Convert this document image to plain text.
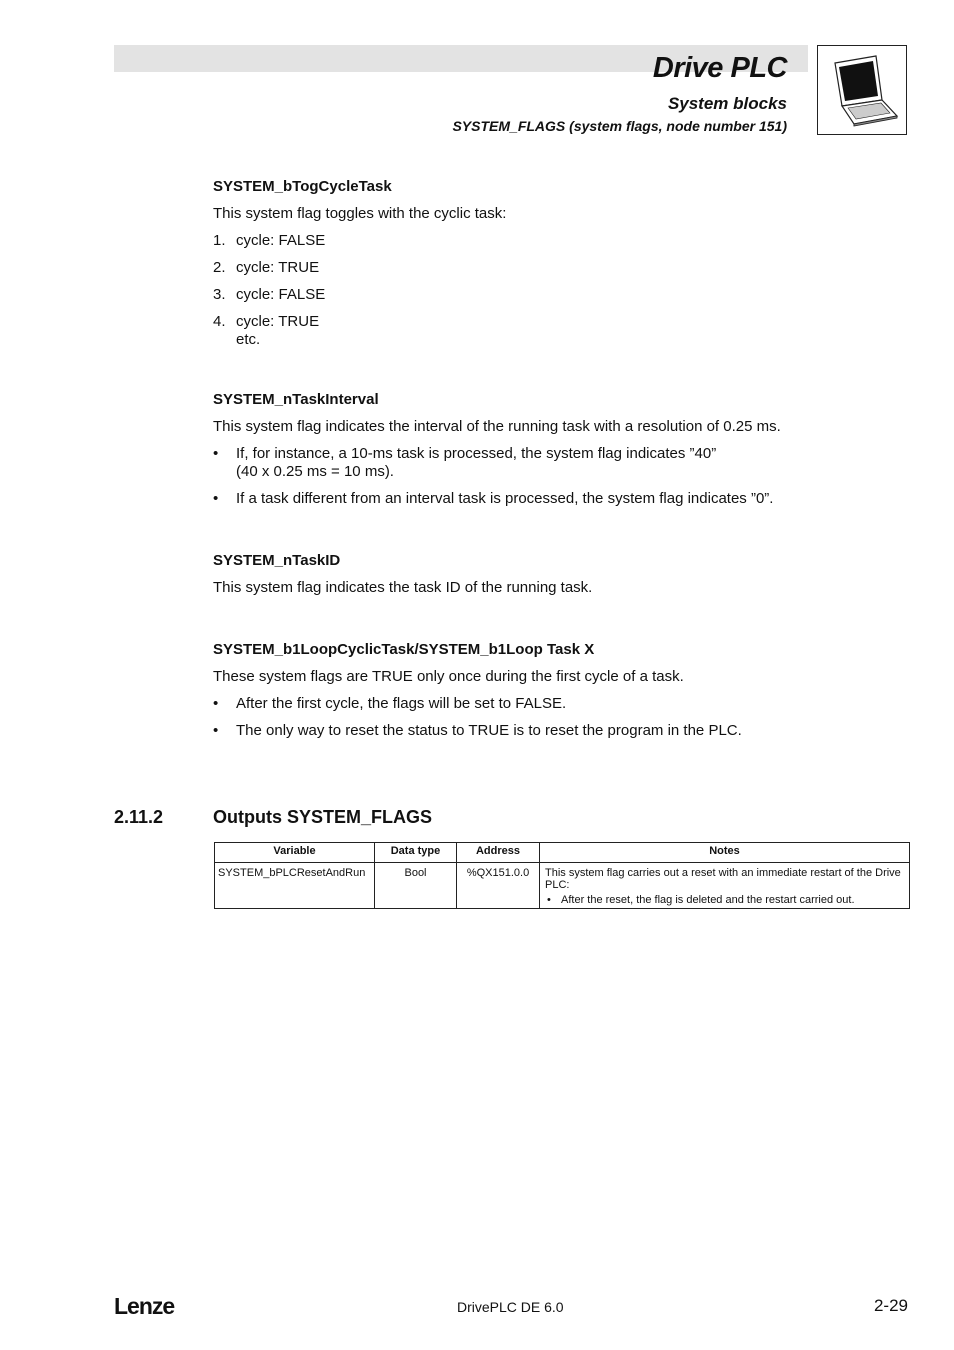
Drive PLC
System blocks
SYSTEM_FLAGS (system flags, node number 151)
SYSTEM_bTogCycleTask
This system flag toggles with the cyclic task:
1. cycle: FALSE
2. cycle: TRUE
3. cycle: FALSE
4. cycle: TRUE
etc.
SYSTEM_nTaskInterval
This system flag indicates the interval of the running task with a resolution of 0.25 ms.
• If, for instance, a 10-ms task is processed, the system flag indicates ”40”
(40 x 0.25 ms = 10 ms).
• If a task different from an interval task is processed, the system flag indicates ”0”.
SYSTEM_nTaskID
This system flag indicates the task ID of the running task.
SYSTEM_b1LoopCyclicTask/SYSTEM_b1Loop Task X
These system flags are TRUE only once during the first cycle of a task.
• After the first cycle, the flags will be set to FALSE.
• The only way to reset the status to TRUE is to reset the program in the PLC.
2.11.2	Outputs SYSTEM_FLAGS
Variable	Data type	Address	Notes
SYSTEM_bPLCResetAndRun	Bool	%QX151.0.0	This system flag carries out a reset with an immediate restart of the Drive PLC:
• After the reset, the flag is deleted and the restart carried out.
Lenze	DrivePLC DE 6.0	2-29
